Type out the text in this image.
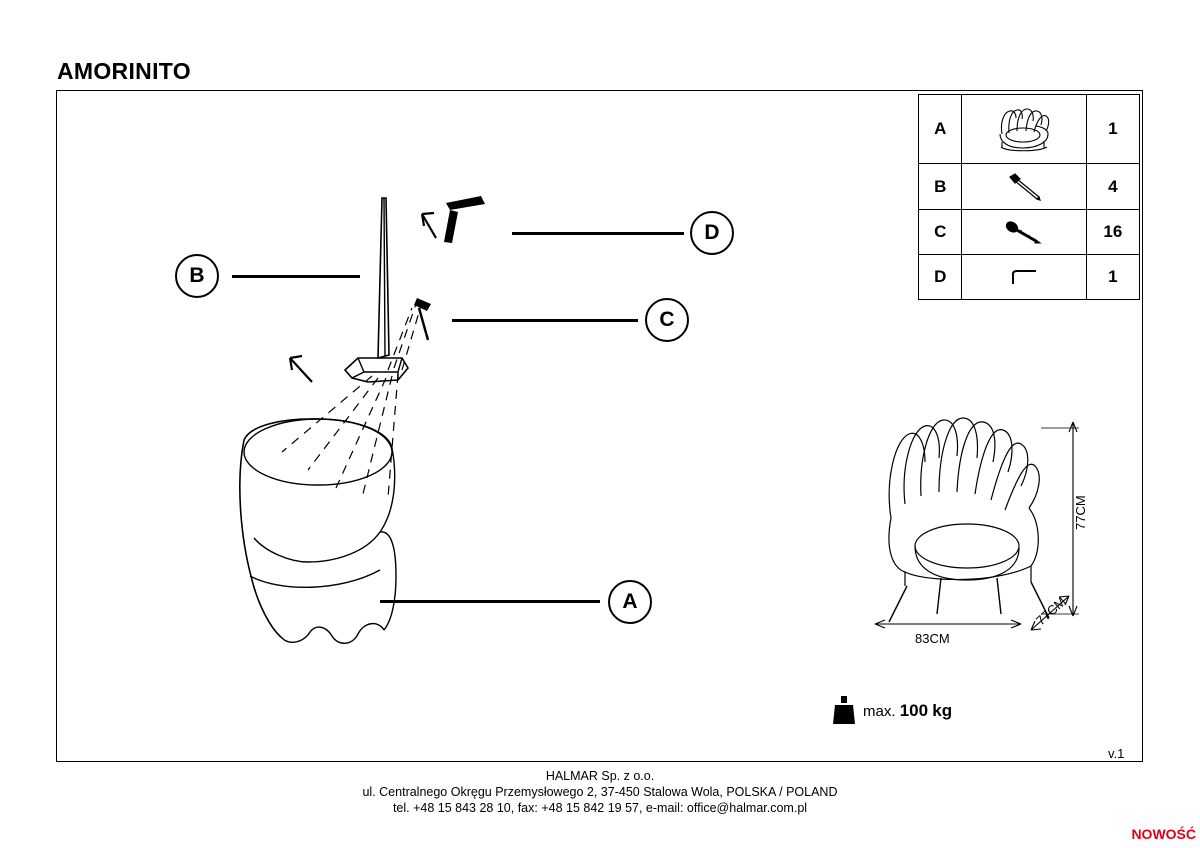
AMORINITO
A		1
B		4
C		16
D		1
B
D
C
A
77CM
83CM
77CM
max. 100 kg
v.1
HALMAR Sp. z o.o.
ul. Centralnego Okręgu Przemysłowego 2, 37-450 Stalowa Wola, POLSKA / POLAND
tel. +48 15 843 28 10, fax: +48 15 842 19 57, e-mail: office@halmar.com.pl
NOWOŚĆ
